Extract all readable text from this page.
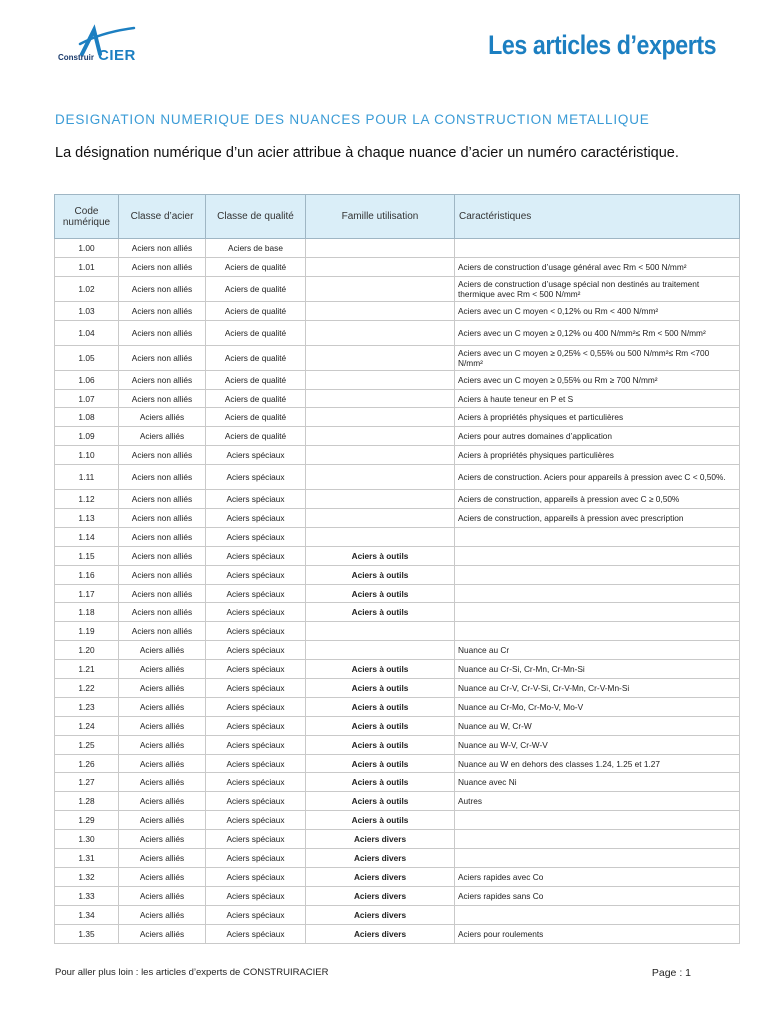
Construir CIER	Les articles d’experts
DESIGNATION NUMERIQUE DES NUANCES POUR LA CONSTRUCTION METALLIQUE
La désignation numérique d’un acier attribue à chaque nuance d’acier un numéro caractéristique.
Code numérique	Classe d’acier	Classe de qualité	Famille utilisation	Caractéristiques
1.00	Aciers non alliés	Aciers de base		
1.01	Aciers non alliés	Aciers de qualité		Aciers de construction d’usage général avec Rm < 500 N/mm²
1.02	Aciers non alliés	Aciers de qualité		Aciers de construction d’usage spécial non destinés au traitement thermique avec Rm < 500 N/mm²
1.03	Aciers non alliés	Aciers de qualité		Aciers avec un C moyen < 0,12% ou Rm < 400 N/mm²
1.04	Aciers non alliés	Aciers de qualité		Aciers avec un C moyen ≥ 0,12% ou 400 N/mm²≤ Rm < 500 N/mm²
1.05	Aciers non alliés	Aciers de qualité		Aciers avec un C moyen ≥ 0,25% < 0,55% ou 500 N/mm²≤ Rm <700 N/mm²
1.06	Aciers non alliés	Aciers de qualité		Aciers avec un C moyen ≥ 0,55% ou Rm ≥ 700 N/mm²
1.07	Aciers non alliés	Aciers de qualité		Aciers à haute teneur en P et S
1.08	Aciers alliés	Aciers de qualité		Aciers à propriétés physiques et particulières
1.09	Aciers alliés	Aciers de qualité		Aciers pour autres domaines d’application
1.10	Aciers non alliés	Aciers spéciaux		Aciers à propriétés physiques particulières
1.11	Aciers non alliés	Aciers spéciaux		Aciers de construction. Aciers pour appareils à pression avec C < 0,50%.
1.12	Aciers non alliés	Aciers spéciaux		Aciers de construction, appareils à pression avec C ≥ 0,50%
1.13	Aciers non alliés	Aciers spéciaux		Aciers de construction, appareils à pression avec prescription
1.14	Aciers non alliés	Aciers spéciaux		
1.15	Aciers non alliés	Aciers spéciaux	Aciers à outils	
1.16	Aciers non alliés	Aciers spéciaux	Aciers à outils	
1.17	Aciers non alliés	Aciers spéciaux	Aciers à outils	
1.18	Aciers non alliés	Aciers spéciaux	Aciers à outils	
1.19	Aciers non alliés	Aciers spéciaux		
1.20	Aciers alliés	Aciers spéciaux		Nuance au Cr
1.21	Aciers alliés	Aciers spéciaux	Aciers à outils	Nuance au Cr-Si, Cr-Mn, Cr-Mn-Si
1.22	Aciers alliés	Aciers spéciaux	Aciers à outils	Nuance au Cr-V, Cr-V-Si, Cr-V-Mn, Cr-V-Mn-Si
1.23	Aciers alliés	Aciers spéciaux	Aciers à outils	Nuance au Cr-Mo, Cr-Mo-V, Mo-V
1.24	Aciers alliés	Aciers spéciaux	Aciers à outils	Nuance au W, Cr-W
1.25	Aciers alliés	Aciers spéciaux	Aciers à outils	Nuance au W-V, Cr-W-V
1.26	Aciers alliés	Aciers spéciaux	Aciers à outils	Nuance au W en dehors des classes 1.24, 1.25 et 1.27
1.27	Aciers alliés	Aciers spéciaux	Aciers à outils	Nuance avec Ni
1.28	Aciers alliés	Aciers spéciaux	Aciers à outils	Autres
1.29	Aciers alliés	Aciers spéciaux	Aciers à outils	
1.30	Aciers alliés	Aciers spéciaux	Aciers divers	
1.31	Aciers alliés	Aciers spéciaux	Aciers divers	
1.32	Aciers alliés	Aciers spéciaux	Aciers divers	Aciers rapides avec Co
1.33	Aciers alliés	Aciers spéciaux	Aciers divers	Aciers rapides sans Co
1.34	Aciers alliés	Aciers spéciaux	Aciers divers	
1.35	Aciers alliés	Aciers spéciaux	Aciers divers	Aciers pour roulements
Pour aller plus loin : les articles d’experts de CONSTRUIRACIER	Page : 1
